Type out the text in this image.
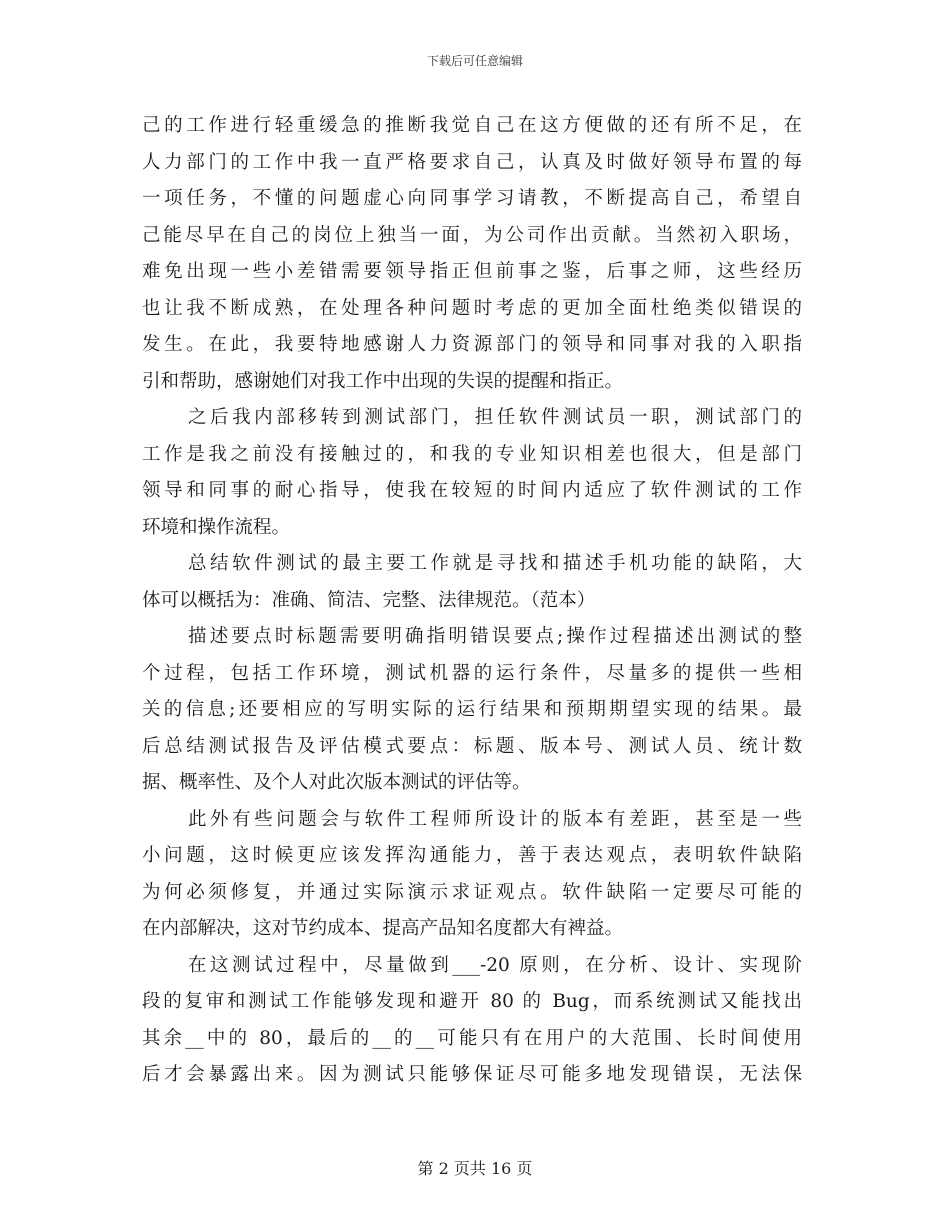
下载后可任意编辑
己的工作进行轻重缓急的推断我觉自己在这方便做的还有所不足，在
人力部门的工作中我一直严格要求自己，认真及时做好领导布置的每
一项任务，不懂的问题虚心向同事学习请教，不断提高自己，希望自
己能尽早在自己的岗位上独当一面，为公司作出贡献。当然初入职场，
难免出现一些小差错需要领导指正但前事之鉴，后事之师，这些经历
也让我不断成熟，在处理各种问题时考虑的更加全面杜绝类似错误的
发生。在此，我要特地感谢人力资源部门的领导和同事对我的入职指
引和帮助，感谢她们对我工作中出现的失误的提醒和指正。
之后我内部移转到测试部门，担任软件测试员一职，测试部门的
工作是我之前没有接触过的，和我的专业知识相差也很大，但是部门
领导和同事的耐心指导，使我在较短的时间内适应了软件测试的工作
环境和操作流程。
总结软件测试的最主要工作就是寻找和描述手机功能的缺陷，大
体可以概括为：准确、简洁、完整、法律规范。（范本）
描述要点时标题需要明确指明错误要点;操作过程描述出测试的整
个过程，包括工作环境，测试机器的运行条件，尽量多的提供一些相
关的信息;还要相应的写明实际的运行结果和预期期望实现的结果。最
后总结测试报告及评估模式要点：标题、版本号、测试人员、统计数
据、概率性、及个人对此次版本测试的评估等。
此外有些问题会与软件工程师所设计的版本有差距，甚至是一些
小问题，这时候更应该发挥沟通能力，善于表达观点，表明软件缺陷
为何必须修复，并通过实际演示求证观点。软件缺陷一定要尽可能的
在内部解决，这对节约成本、提高产品知名度都大有裨益。
在这测试过程中，尽量做到___-20 原则，在分析、设计、实现阶
段的复审和测试工作能够发现和避开 80 的 Bug，而系统测试又能找出
其余__中的 80，最后的__的__可能只有在用户的大范围、长时间使用
后才会暴露出来。因为测试只能够保证尽可能多地发现错误，无法保
第 2 页共 16 页
